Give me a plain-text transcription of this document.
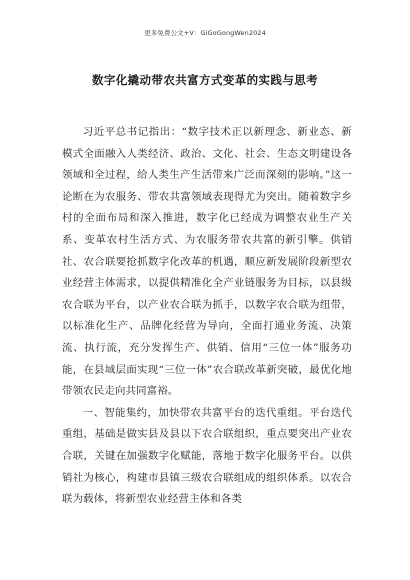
更多免费公文+V：GiGoGongWen2024
数字化撬动带农共富方式变革的实践与思考

习近平总书记指出：“数字技术正以新理念、新业态、新模式全面融入人类经济、政治、文化、社会、生态文明建设各领域和全过程，给人类生产生活带来广泛而深刻的影响。”这一论断在为农服务、带农共富领域表现得尤为突出。随着数字乡村的全面布局和深入推进，数字化已经成为调整农业生产关系、变革农村生活方式、为农服务带农共富的新引擎。供销社、农合联要抢抓数字化改革的机遇，顺应新发展阶段新型农业经营主体需求，以提供精准化全产业链服务为目标，以县级农合联为平台，以产业农合联为抓手，以数字农合联为纽带，以标准化生产、品牌化经营为导向，全面打通业务流、决策流、执行流，充分发挥生产、供销、信用“三位一体”服务功能，在县域层面实现“三位一体”农合联改革新突破，最优化地带领农民走向共同富裕。

一、智能集约，加快带农共富平台的迭代重组。平台迭代重组，基础是做实县及县以下农合联组织，重点要突出产业农合联，关键在加强数字化赋能，落地于数字化服务平台。以供销社为核心，构建市县镇三级农合联组成的组织体系。以农合联为载体，将新型农业经营主体和各类
